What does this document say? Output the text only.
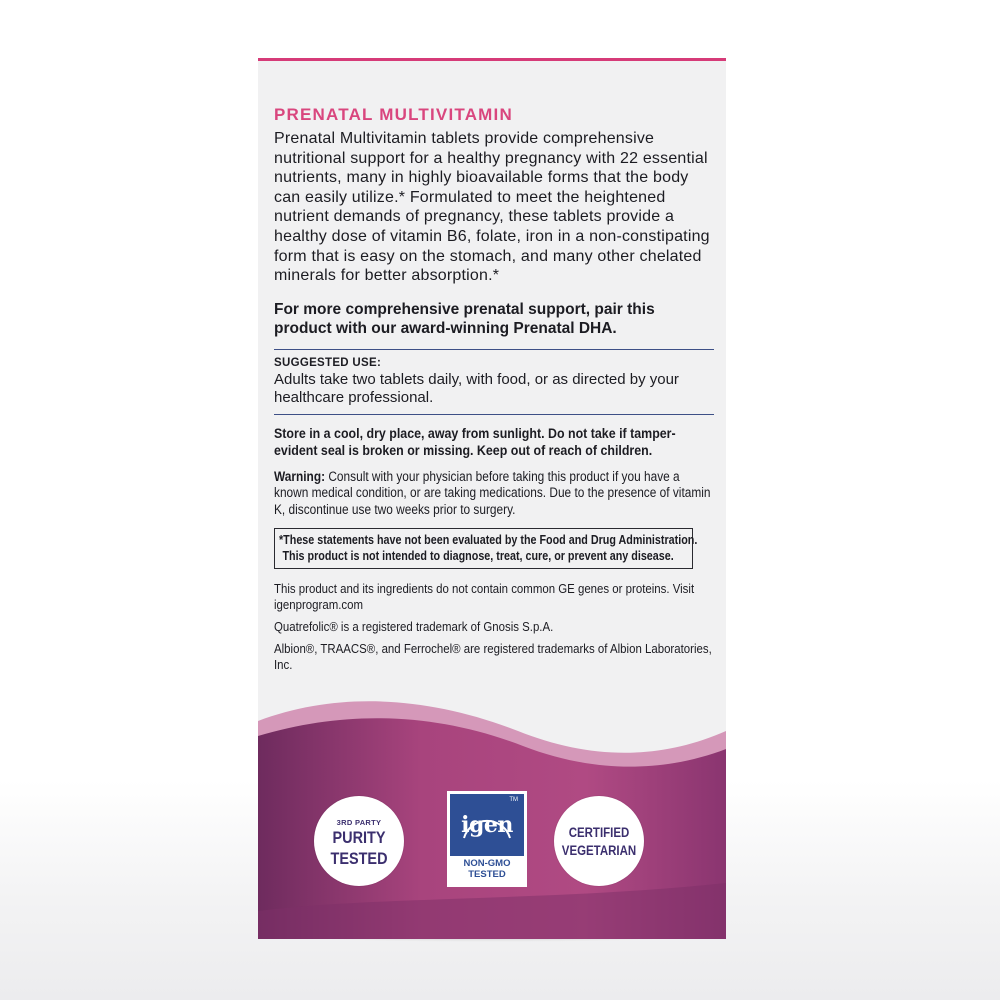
PRENATAL MULTIVITAMIN

Prenatal Multivitamin tablets provide comprehensive nutritional support for a healthy pregnancy with 22 essential nutrients, many in highly bioavailable forms that the body can easily utilize.* Formulated to meet the heightened nutrient demands of pregnancy, these tablets provide a healthy dose of vitamin B6, folate, iron in a non-constipating form that is easy on the stomach, and many other chelated minerals for better absorption.*

For more comprehensive prenatal support, pair this product with our award-winning Prenatal DHA.

SUGGESTED USE:

Adults take two tablets daily, with food, or as directed by your healthcare professional.

Store in a cool, dry place, away from sunlight. Do not take if tamper-evident seal is broken or missing. Keep out of reach of children.

Warning: Consult with your physician before taking this product if you have a known medical condition, or are taking medications. Due to the presence of vitamin K, discontinue use two weeks prior to surgery.

*These statements have not been evaluated by the Food and Drug Administration.
This product is not intended to diagnose, treat, cure, or prevent any disease.

This product and its ingredients do not contain common GE genes or proteins. Visit igenprogram.com

Quatrefolic® is a registered trademark of Gnosis S.p.A.

Albion®, TRAACS®, and Ferrochel® are registered trademarks of Albion Laboratories, Inc.

3RD PARTY
PURITY
TESTED
igen
TM
NON-GMO
TESTED
CERTIFIED
VEGETARIAN
